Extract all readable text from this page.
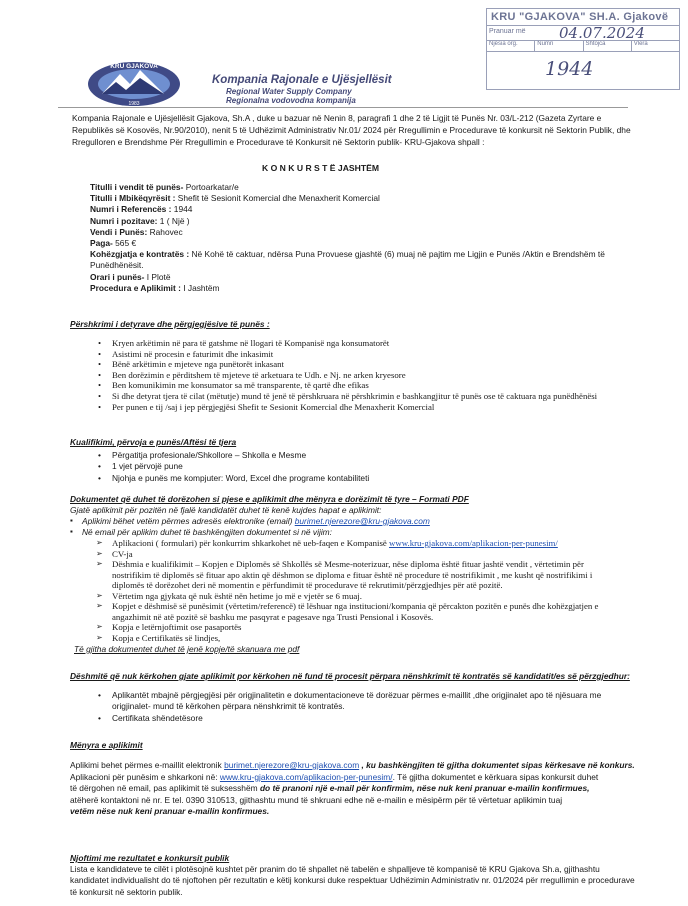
KRU "GJAKOVA" SH.A. Gjakovë
Pranuar më 04.07.2024
Njësia org.	Numri	Shtojca	Vlera
1944
KRU GJAKOVA
1983
Kompania Rajonale e Ujësjellësit
Regional Water Supply Company
Regionalna vodovodna kompanija
Kompania Rajonale e Ujësjellësit Gjakova, Sh.A , duke u bazuar në Nenin 8, paragrafi 1 dhe 2 të Ligjit të Punës Nr. 03/L-212 (Gazeta Zyrtare e Republikës së Kosovës, Nr.90/2010), nenit 5 të Udhëzimit Administrativ Nr.01/ 2024 për Rregullimin e Procedurave të konkursit në Sektorin Publik, dhe Rregulloren e Brendshme Për Rregullimin e Procedurave të Konkursit në Sektorin publik- KRU-Gjakova shpall :
K O N K U R S T Ë JASHTËM
Titulli i vendit të punës- Portoarkatar/e
Titulli i Mbikëqyrësit : Shefit të Sesionit Komercial dhe Menaxherit Komercial
Numri i Referencës : 1944
Numri i pozitave: 1 ( Një )
Vendi i Punës: Rahovec
Paga- 565 €
Kohëzgjatja e kontratës : Në Kohë të caktuar, ndërsa Puna Provuese gjashtë (6) muaj në pajtim me Ligjin e Punës /Aktin e Brendshëm të Punëdhënësit.
Orari i punës- I Plotë
Procedura e Aplikimit : I Jashtëm
Përshkrimi i detyrave dhe përgjegjësive të punës :
• Kryen arkëtimin në para të gatshme në llogari të Kompanisë nga konsumatorët
• Asistimi në procesin e faturimit dhe inkasimit
• Bënë arkëtimin e mjeteve nga punëtorët inkasant
• Ben dorëzimin e përditshem të mjeteve të arketuara te Udh. e Nj. ne arken kryesore
• Ben komunikimin me konsumator sa më transparente, të qartë dhe efikas
• Si dhe detyrat tjera të cilat (mëtutje) mund të jenë të përshkruara në përshkrimin e bashkangjitur të punës ose të caktuara nga punëdhënësi
• Per punen e tij /saj i jep përgjegjësi Shefit te Sesionit Komercial dhe Menaxherit Komercial
Kualifikimi, përvoja e punës/Aftësi të tjera
• Përgatitja profesionale/Shkollore – Shkolla e Mesme
• 1 vjet përvojë pune
• Njohja e punës me kompjuter: Word, Excel dhe programe kontabiliteti
Dokumentet që duhet të dorëzohen si pjese e aplikimit dhe mënyra e dorëzimit të tyre – Formati PDF
Gjatë aplikimit për pozitën në fjalë kandidatët duhet të kenë kujdes hapat e aplikimit:
▪ Aplikimi bëhet vetëm përmes adresës elektronike (email) burimet.njerezore@kru-gjakova.com
▪ Në email për aplikim duhet të bashkëngjiten dokumentet si në vijim:
➢ Aplikacioni ( formulari) për konkurrim shkarkohet në ueb-faqen e Kompanisë www.kru-gjakova.com/aplikacion-per-punesim/
➢ CV-ja
➢ Dëshmia e kualifikimit – Kopjen e Diplomës së Shkollës së Mesme-noterizuar, nëse diploma është fituar jashtë vendit , vërtetimin për nostrifikim të diplomës së fituar apo aktin që dëshmon se diploma e fituar është në procedure të nostrifikimit , me kusht që nostrifikimi i diplomës të dorëzohet deri në momentin e përfundimit të procedurave të rekrutimit/përzgjedhjes për atë pozitë.
➢ Vërtetim nga gjykata që nuk është nën hetime jo më e vjetër se 6 muaj.
➢ Kopjet e dëshmisë së punësimit (vërtetim/referencë) të lëshuar nga institucioni/kompania që përcakton pozitën e punës dhe kohëzgjatjen e angazhimit në atë pozitë së bashku me pasqyrat e pagesave nga Trusti Pensional i Kosovës.
➢ Kopja e letërnjoftimit ose pasaportës
➢ Kopja e Certifikatës së lindjes,
Të gjitha dokumentet duhet të jenë kopje/të skanuara me pdf
Dëshmitë që nuk kërkohen gjate aplikimit por kërkohen në fund të procesit përpara nënshkrimit të kontratës së kandidatit/es së përzgjedhur:
• Aplikantët mbajnë përgjegjësi për origjinalitetin e dokumentacioneve të dorëzuar përmes e-maillit ,dhe origjinalet apo të njësuara me origjinalet- mund të kërkohen përpara nënshkrimit të kontratës.
• Certifikata shëndetësore
Mënyra e aplikimit
Aplikimi behet përmes e-maillit elektronik burimet.njerezore@kru-gjakova.com , ku bashkëngjiten të gjitha dokumentet sipas kërkesave në konkurs.
Aplikacioni për punësim e shkarkoni në: www.kru-gjakova.com/aplikacion-per-punesim/. Të gjitha dokumentet e kërkuara sipas konkursit duhet
të dërgohen në email, pas aplikimit të suksesshëm do të pranoni një e-mail për konfirmim, nëse nuk keni pranuar e-mailin konfirmues,
atëherë kontaktoni në nr. E tel. 0390 310513, gjithashtu mund të shkruani edhe në e-mailin e mësipërm për të vërtetuar aplikimin tuaj
vetëm nëse nuk keni pranuar e-mailin konfirmues.
Njoftimi me rezultatet e konkursit publik
Lista e kandidateve te cilët i plotësojnë kushtet për pranim do të shpallet në tabelën e shpalljeve të kompanisë të KRU Gjakova Sh.a, gjithashtu kandidatet individualisht do të njoftohen për rezultatin e këtij konkursi duke respektuar Udhëzimin Administrativ nr. 01/2024 për rregullimin e procedurave të konkursit në sektorin publik.
